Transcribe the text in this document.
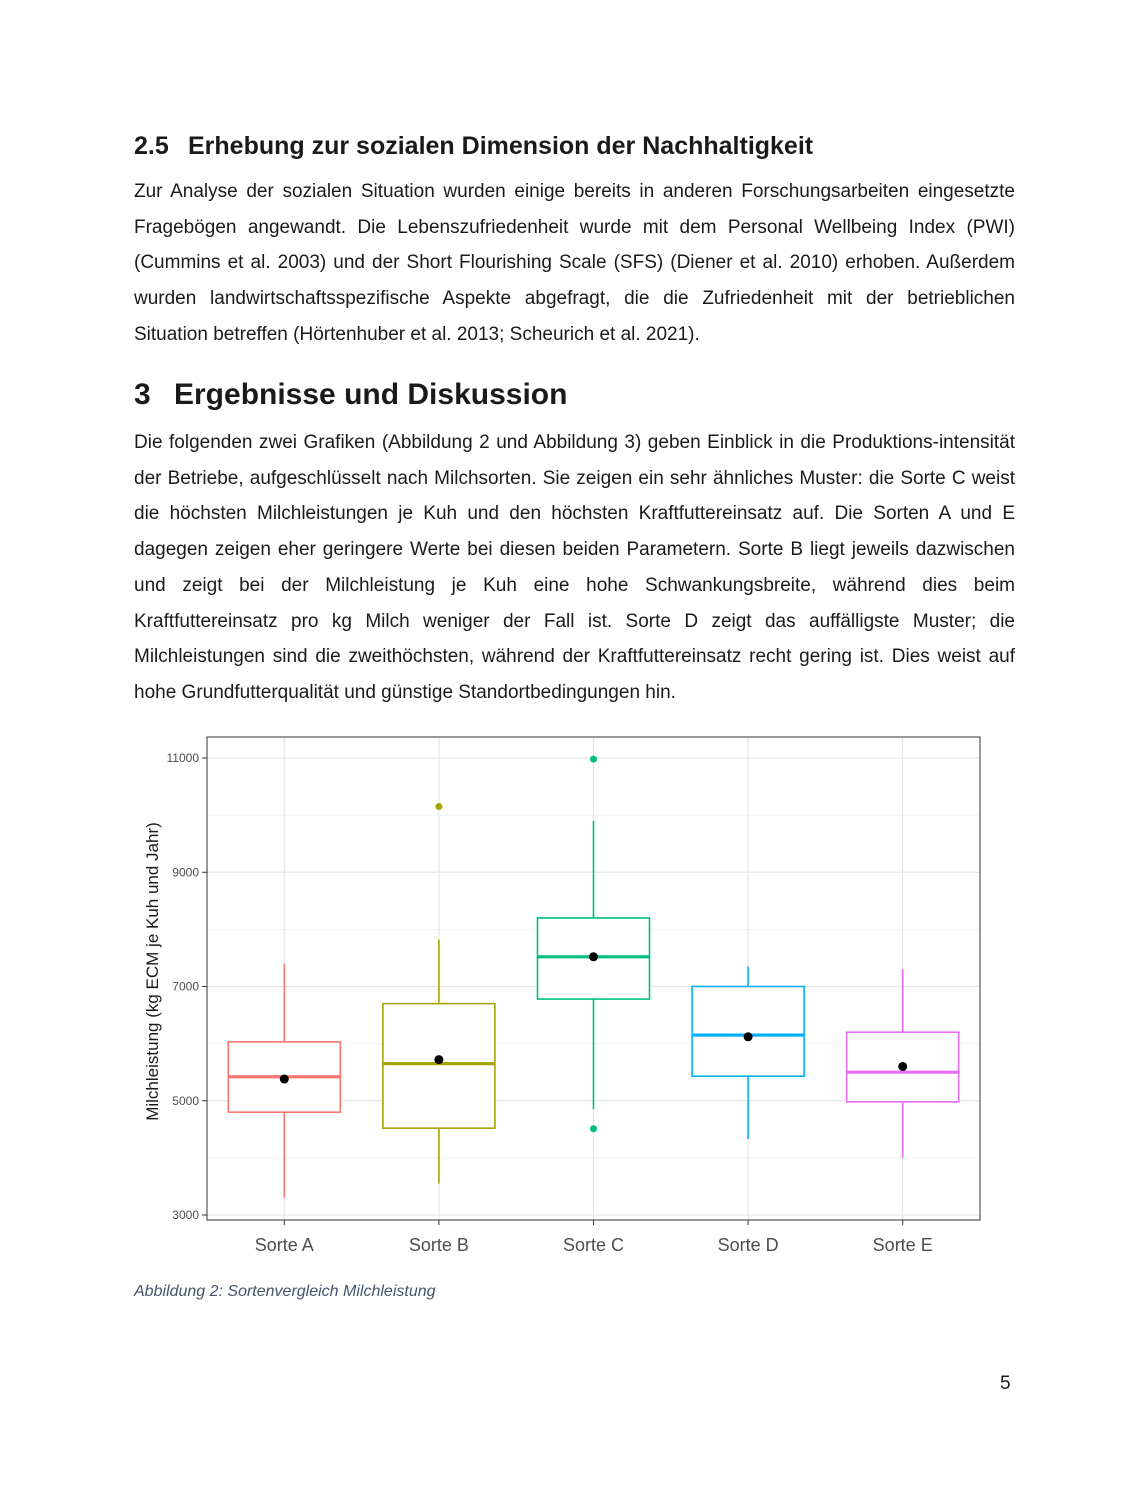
2.5 Erhebung zur sozialen Dimension der Nachhaltigkeit

Zur Analyse der sozialen Situation wurden einige bereits in anderen Forschungsarbeiten eingesetzte Fragebögen angewandt. Die Lebenszufriedenheit wurde mit dem Personal Wellbeing Index (PWI) (Cummins et al. 2003) und der Short Flourishing Scale (SFS) (Diener et al. 2010) erhoben. Außerdem wurden landwirtschaftsspezifische Aspekte abgefragt, die die Zufriedenheit mit der betrieblichen Situation betreffen (Hörtenhuber et al. 2013; Scheurich et al. 2021).

3 Ergebnisse und Diskussion

Die folgenden zwei Grafiken (Abbildung 2 und Abbildung 3) geben Einblick in die Produktions-intensität der Betriebe, aufgeschlüsselt nach Milchsorten. Sie zeigen ein sehr ähnliches Muster: die Sorte C weist die höchsten Milchleistungen je Kuh und den höchsten Kraftfuttereinsatz auf. Die Sorten A und E dagegen zeigen eher geringere Werte bei diesen beiden Parametern. Sorte B liegt jeweils dazwischen und zeigt bei der Milchleistung je Kuh eine hohe Schwankungsbreite, während dies beim Kraftfuttereinsatz pro kg Milch weniger der Fall ist. Sorte D zeigt das auffälligste Muster; die Milchleistungen sind die zweithöchsten, während der Kraftfuttereinsatz recht gering ist. Dies weist auf hohe Grundfutterqualität und günstige Standortbedingungen hin.

3000
5000
7000
9000
11000
Sorte A	Sorte B	Sorte C	Sorte D	Sorte E
Milchleistung (kg ECM je Kuh und Jahr)

Abbildung 2: Sortenvergleich Milchleistung

5
